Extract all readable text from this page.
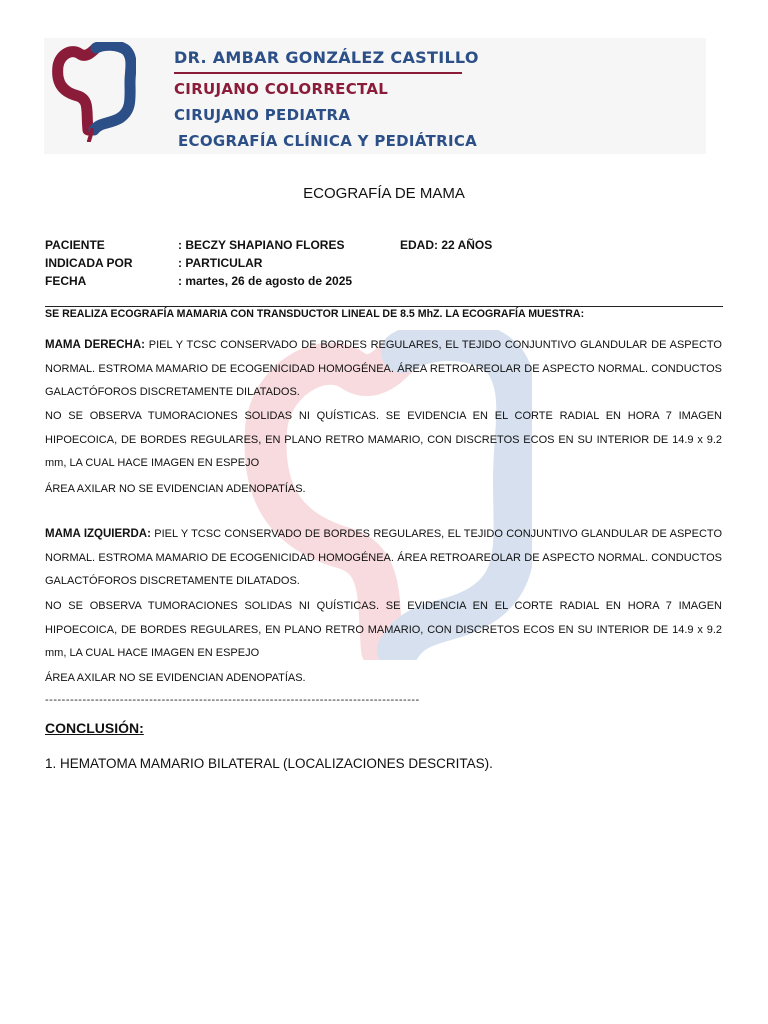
DR. AMBAR GONZÁLEZ CASTILLO
CIRUJANO COLORRECTAL
CIRUJANO PEDIATRA
ECOGRAFÍA CLÍNICA Y PEDIÁTRICA
ECOGRAFÍA DE MAMA
PACIENTE	: BECZY SHAPIANO FLORES	EDAD: 22 AÑOS
INDICADA POR	: PARTICULAR
FECHA	: martes, 26 de agosto de 2025
SE REALIZA ECOGRAFÍA MAMARIA CON TRANSDUCTOR LINEAL DE 8.5 MhZ. LA ECOGRAFÍA MUESTRA:
MAMA DERECHA: PIEL Y TCSC CONSERVADO DE BORDES REGULARES, EL TEJIDO CONJUNTIVO GLANDULAR DE ASPECTO NORMAL. ESTROMA MAMARIO DE ECOGENICIDAD HOMOGÉNEA. ÁREA RETROAREOLAR DE ASPECTO NORMAL. CONDUCTOS GALACTÓFOROS DISCRETAMENTE DILATADOS.
NO SE OBSERVA TUMORACIONES SOLIDAS NI QUÍSTICAS. SE EVIDENCIA EN EL CORTE RADIAL EN HORA 7 IMAGEN HIPOECOICA, DE BORDES REGULARES, EN PLANO RETRO MAMARIO, CON DISCRETOS ECOS EN SU INTERIOR DE 14.9 x 9.2 mm, LA CUAL HACE IMAGEN EN ESPEJO
ÁREA AXILAR NO SE EVIDENCIAN ADENOPATÍAS.
MAMA IZQUIERDA: PIEL Y TCSC CONSERVADO DE BORDES REGULARES, EL TEJIDO CONJUNTIVO GLANDULAR DE ASPECTO NORMAL. ESTROMA MAMARIO DE ECOGENICIDAD HOMOGÉNEA. ÁREA RETROAREOLAR DE ASPECTO NORMAL. CONDUCTOS GALACTÓFOROS DISCRETAMENTE DILATADOS.
NO SE OBSERVA TUMORACIONES SOLIDAS NI QUÍSTICAS. SE EVIDENCIA EN EL CORTE RADIAL EN HORA 7 IMAGEN HIPOECOICA, DE BORDES REGULARES, EN PLANO RETRO MAMARIO, CON DISCRETOS ECOS EN SU INTERIOR DE 14.9 x 9.2 mm, LA CUAL HACE IMAGEN EN ESPEJO
ÁREA AXILAR NO SE EVIDENCIAN ADENOPATÍAS.
------------------------------------------------------------------------------------------
CONCLUSIÓN:
1. HEMATOMA MAMARIO BILATERAL (LOCALIZACIONES DESCRITAS).
